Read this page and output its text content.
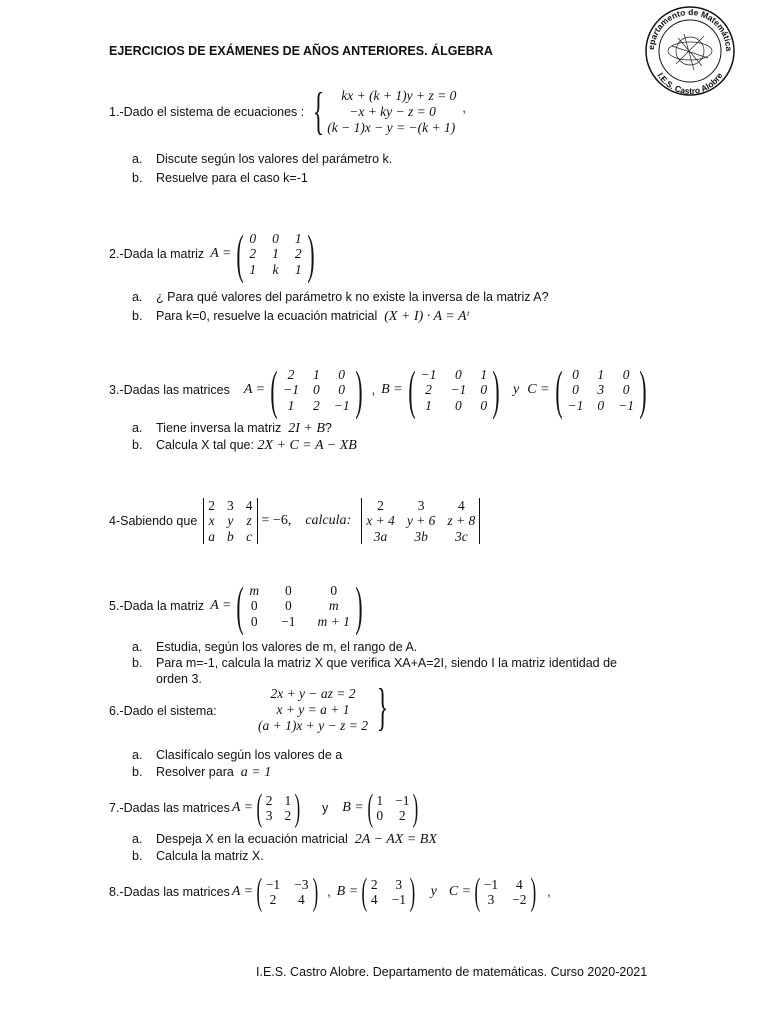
epartamento de Matemática
I.E.S. Castro Alobre
EJERCICIOS DE EXÁMENES DE AÑOS ANTERIORES. ÁLGEBRA
1.-Dado el sistema de ecuaciones : {	kx + (k + 1)y + z = 0
−x + ky − z = 0
(k − 1)x − y = −(k + 1)
,
a. Discute según los valores del parámetro k.
b. Resuelve para el caso k=-1
2.-Dada la matriz A = ( 0 0 1
2 1 2
1 k 1 )
a. ¿ Para qué valores del parámetro k no existe la inversa de la matriz A?
b. Para k=0, resuelve la ecuación matricial (X + I) · A = Aᵗ
3.-Dadas las matrices A = ( 2	1	0
−1 0	0
1	2 −1 ) , B = ( −1	0	1
2	−1 0
1	0	0 ) y C = ( 0	1	0
0	3	0
−1 0 −1 )
a. Tiene inversa la matriz 2I + B?
b. Calcula X tal que: 2X + C = A − XB
4-Sabiendo que
2 3 4
x y z
a b c
= −6, calcula:
2	3	4
x + 4 y + 6 z + 8
3a	3b	3c
5.-Dada la matriz A = ( m 0	0
0 0	m
0 −1 m + 1 )
a. Estudia, según los valores de m, el rango de A.
b. Para m=-1, calcula la matriz X que verifica XA+A=2I, siendo I la matriz identidad de
orden 3.
6.-Dado el sistema:
2x + y − az = 2
x + y = a + 1
(a + 1)x + y − z = 2 }
a. Clasifícalo según los valores de a
b. Resolver para a = 1
7.-Dadas las matrices A = ( 2 1
3 2 ) y B = ( 1 −1
0 2 )
a. Despeja X en la ecuación matricial 2A − AX = BX
b. Calcula la matriz X.
8.-Dadas las matrices A = ( −1 −3
2 4 ) , B = ( 2 3
4 −1 ) y C = ( −1 4
3 −2 ) ,
I.E.S. Castro Alobre. Departamento de matemáticas. Curso 2020-2021
